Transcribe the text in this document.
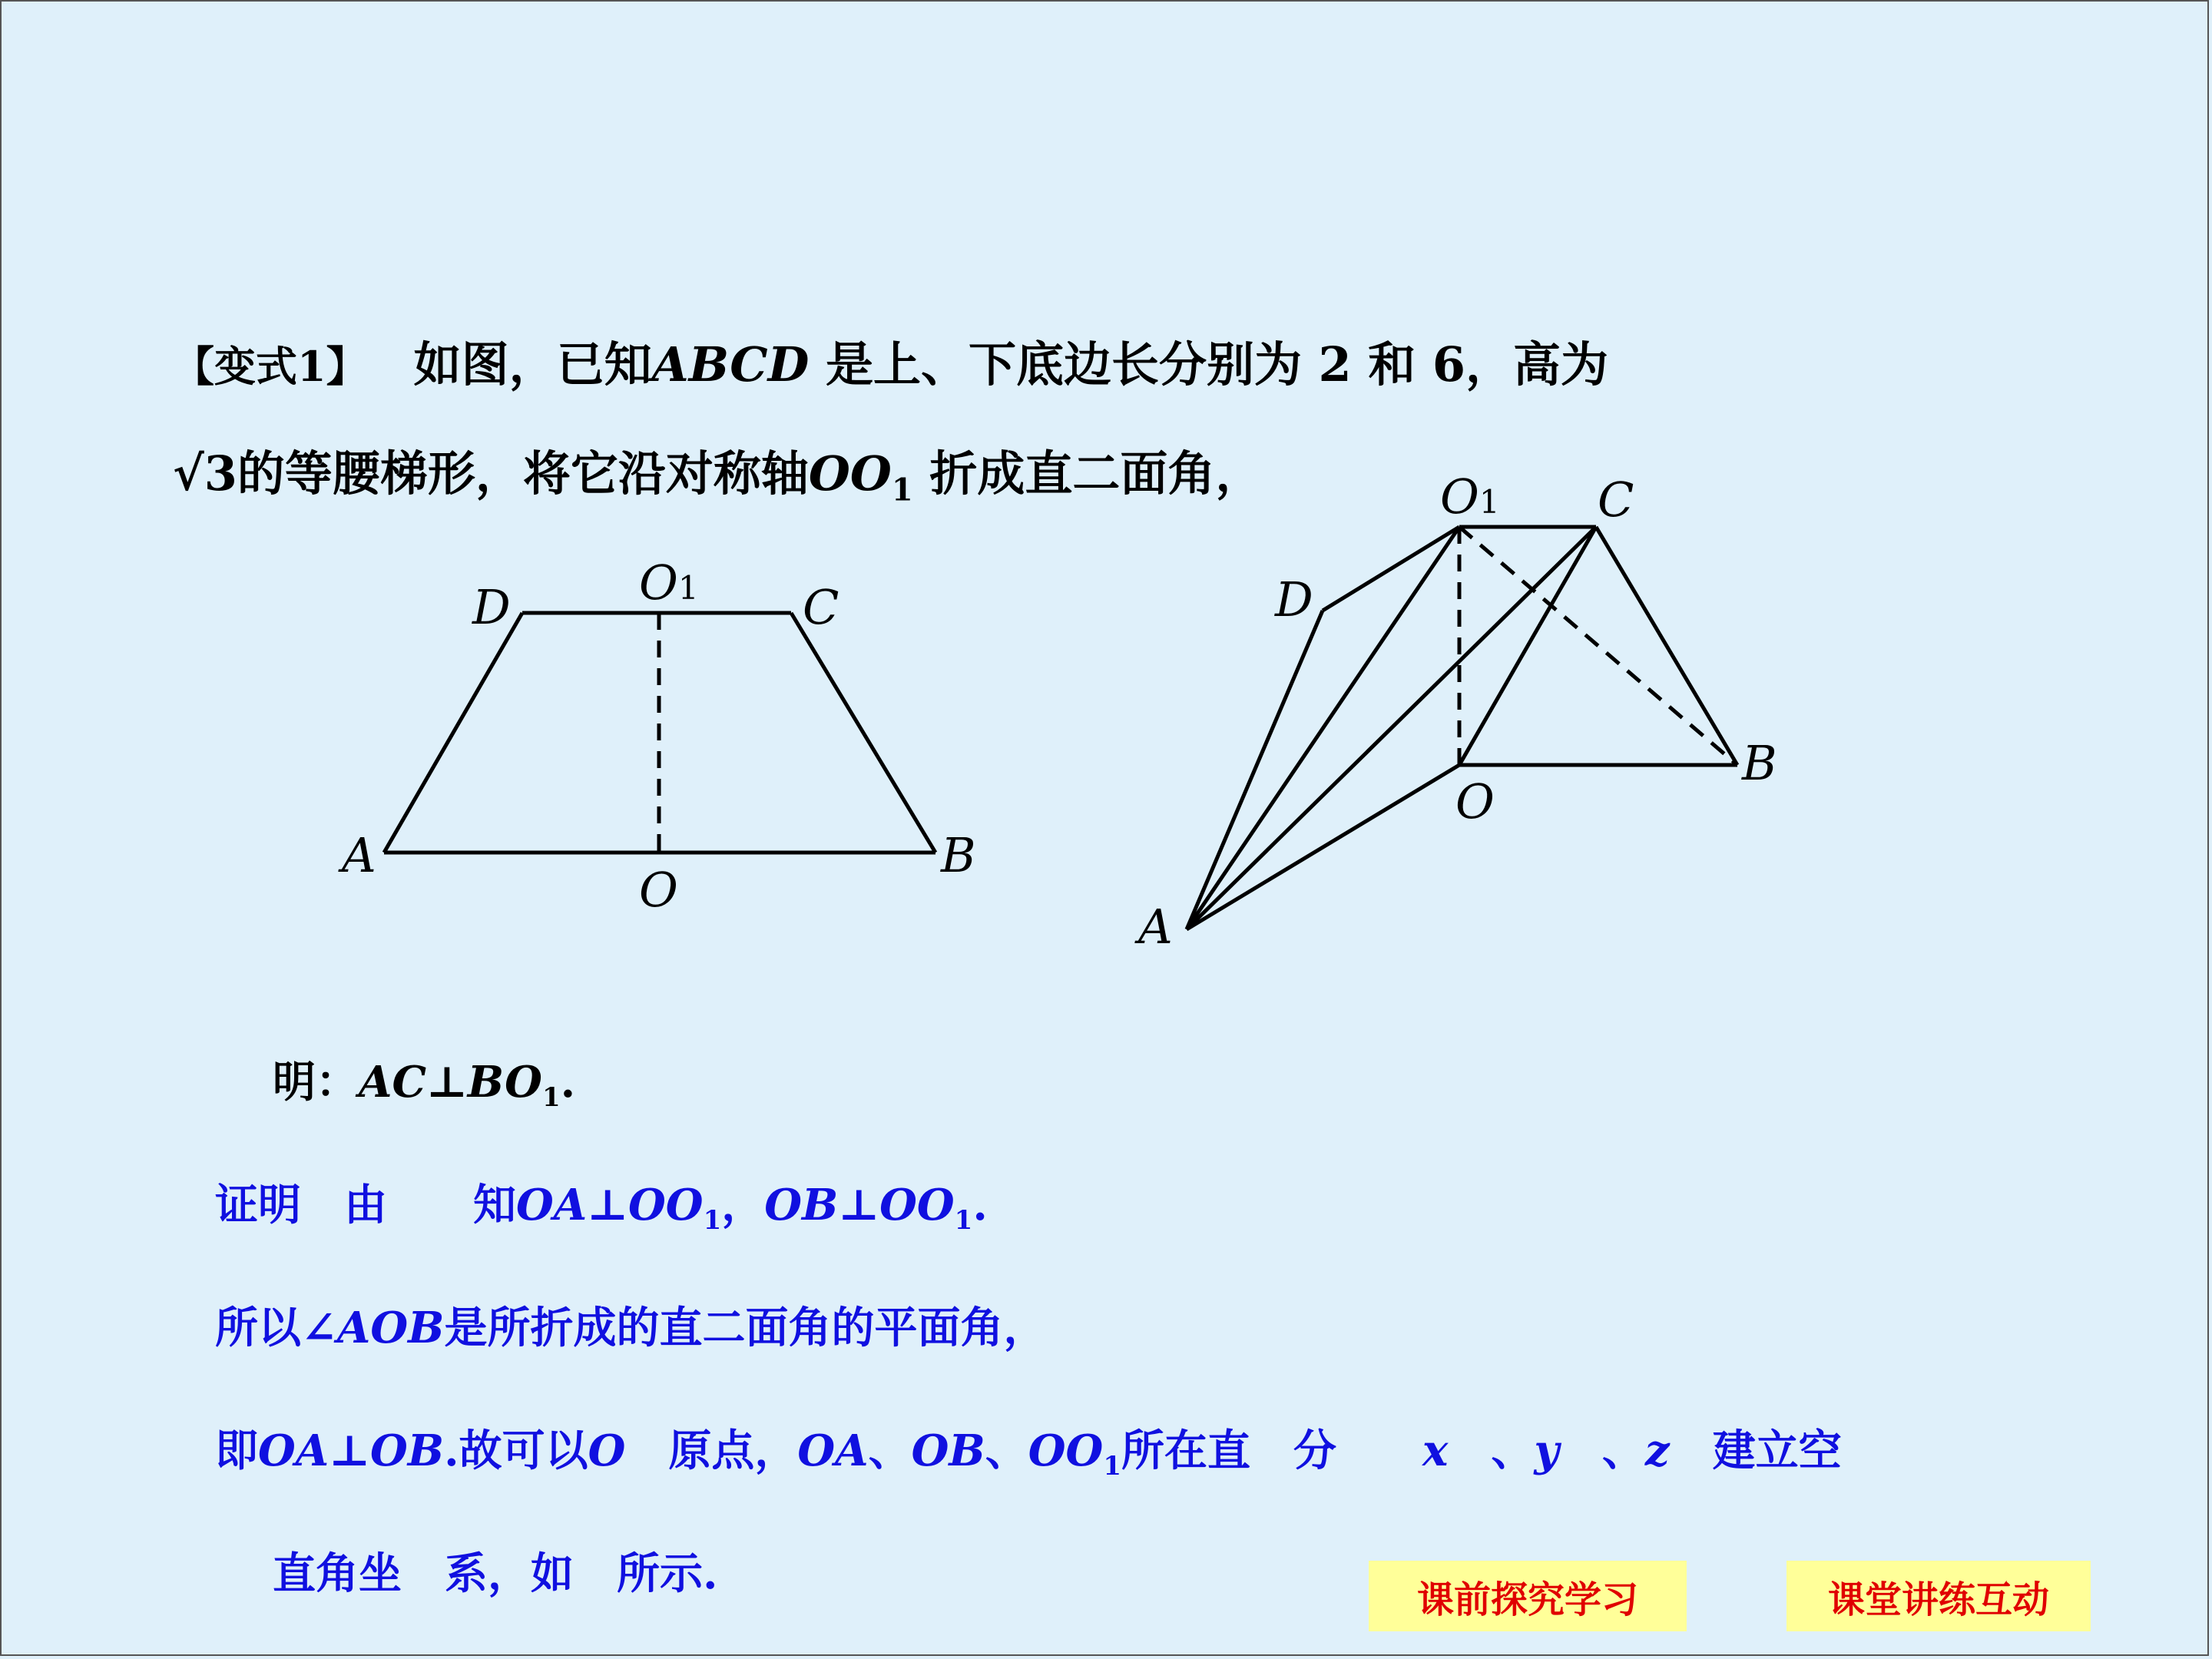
【变式1】 如图，已知ABCD 是上、下底边长分别为 2 和 6，高为
√3的等腰梯形，将它沿对称轴$OO_1$ 折成直二面角，
D	O1 C
A
O
B
O1 C
D
B
O
A
明：$AC\perp BO_1$.
证明　由　　知$OA\perp OO_1$，$OB\perp OO_1$.
所以∠AOB是所折成的直二面角的平面角，
即OA⊥OB.故可以O　原点，OA、OB、$OO_1$所在直　分　　x　、y　、z　建立空
直角坐　系，如　所示.
课前探究学习	课堂讲练互动
